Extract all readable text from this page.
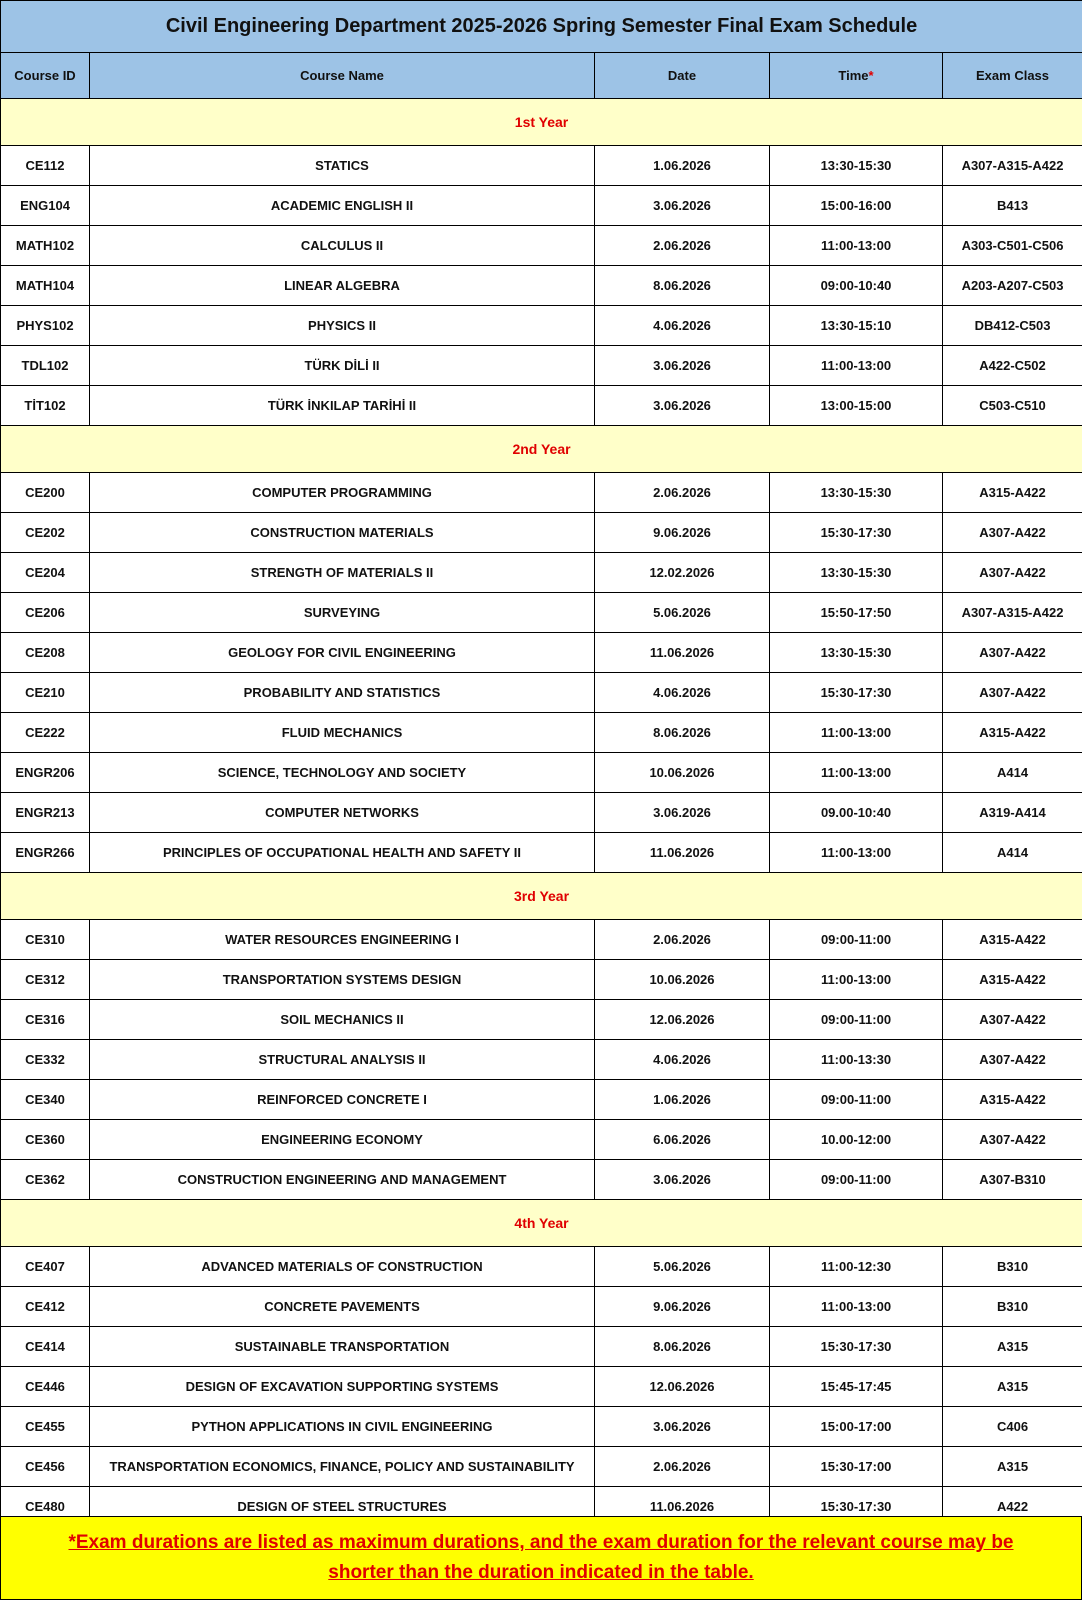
Civil Engineering Department 2025-2026 Spring Semester Final Exam Schedule				
Course ID	Course Name	Date	Time*	Exam Class
1st Year				
CE112	STATICS	1.06.2026	13:30-15:30	A307-A315-A422
ENG104	ACADEMIC ENGLISH II	3.06.2026	15:00-16:00	B413
MATH102	CALCULUS II	2.06.2026	11:00-13:00	A303-C501-C506
MATH104	LINEAR ALGEBRA	8.06.2026	09:00-10:40	A203-A207-C503
PHYS102	PHYSICS II	4.06.2026	13:30-15:10	DB412-C503
TDL102	TÜRK DİLİ II	3.06.2026	11:00-13:00	A422-C502
TİT102	TÜRK İNKILAP TARİHİ II	3.06.2026	13:00-15:00	C503-C510
2nd Year				
CE200	COMPUTER PROGRAMMING	2.06.2026	13:30-15:30	A315-A422
CE202	CONSTRUCTION MATERIALS	9.06.2026	15:30-17:30	A307-A422
CE204	STRENGTH OF MATERIALS II	12.02.2026	13:30-15:30	A307-A422
CE206	SURVEYING	5.06.2026	15:50-17:50	A307-A315-A422
CE208	GEOLOGY FOR CIVIL ENGINEERING	11.06.2026	13:30-15:30	A307-A422
CE210	PROBABILITY AND STATISTICS	4.06.2026	15:30-17:30	A307-A422
CE222	FLUID MECHANICS	8.06.2026	11:00-13:00	A315-A422
ENGR206	SCIENCE, TECHNOLOGY AND SOCIETY	10.06.2026	11:00-13:00	A414
ENGR213	COMPUTER NETWORKS	3.06.2026	09.00-10:40	A319-A414
ENGR266	PRINCIPLES OF OCCUPATIONAL HEALTH AND SAFETY II	11.06.2026	11:00-13:00	A414
3rd Year				
CE310	WATER RESOURCES ENGINEERING I	2.06.2026	09:00-11:00	A315-A422
CE312	TRANSPORTATION SYSTEMS DESIGN	10.06.2026	11:00-13:00	A315-A422
CE316	SOIL MECHANICS II	12.06.2026	09:00-11:00	A307-A422
CE332	STRUCTURAL ANALYSIS II	4.06.2026	11:00-13:30	A307-A422
CE340	REINFORCED CONCRETE I	1.06.2026	09:00-11:00	A315-A422
CE360	ENGINEERING ECONOMY	6.06.2026	10.00-12:00	A307-A422
CE362	CONSTRUCTION ENGINEERING AND MANAGEMENT	3.06.2026	09:00-11:00	A307-B310
4th Year				
CE407	ADVANCED MATERIALS OF CONSTRUCTION	5.06.2026	11:00-12:30	B310
CE412	CONCRETE PAVEMENTS	9.06.2026	11:00-13:00	B310
CE414	SUSTAINABLE TRANSPORTATION	8.06.2026	15:30-17:30	A315
CE446	DESIGN OF EXCAVATION SUPPORTING SYSTEMS	12.06.2026	15:45-17:45	A315
CE455	PYTHON APPLICATIONS IN CIVIL ENGINEERING	3.06.2026	15:00-17:00	C406
CE456	TRANSPORTATION ECONOMICS, FINANCE, POLICY AND SUSTAINABILITY	2.06.2026	15:30-17:00	A315
CE480	DESIGN OF STEEL STRUCTURES	11.06.2026	15:30-17:30	A422
*Exam durations are listed as maximum durations, and the exam duration for the relevant course may be
shorter than the duration indicated in the table.
